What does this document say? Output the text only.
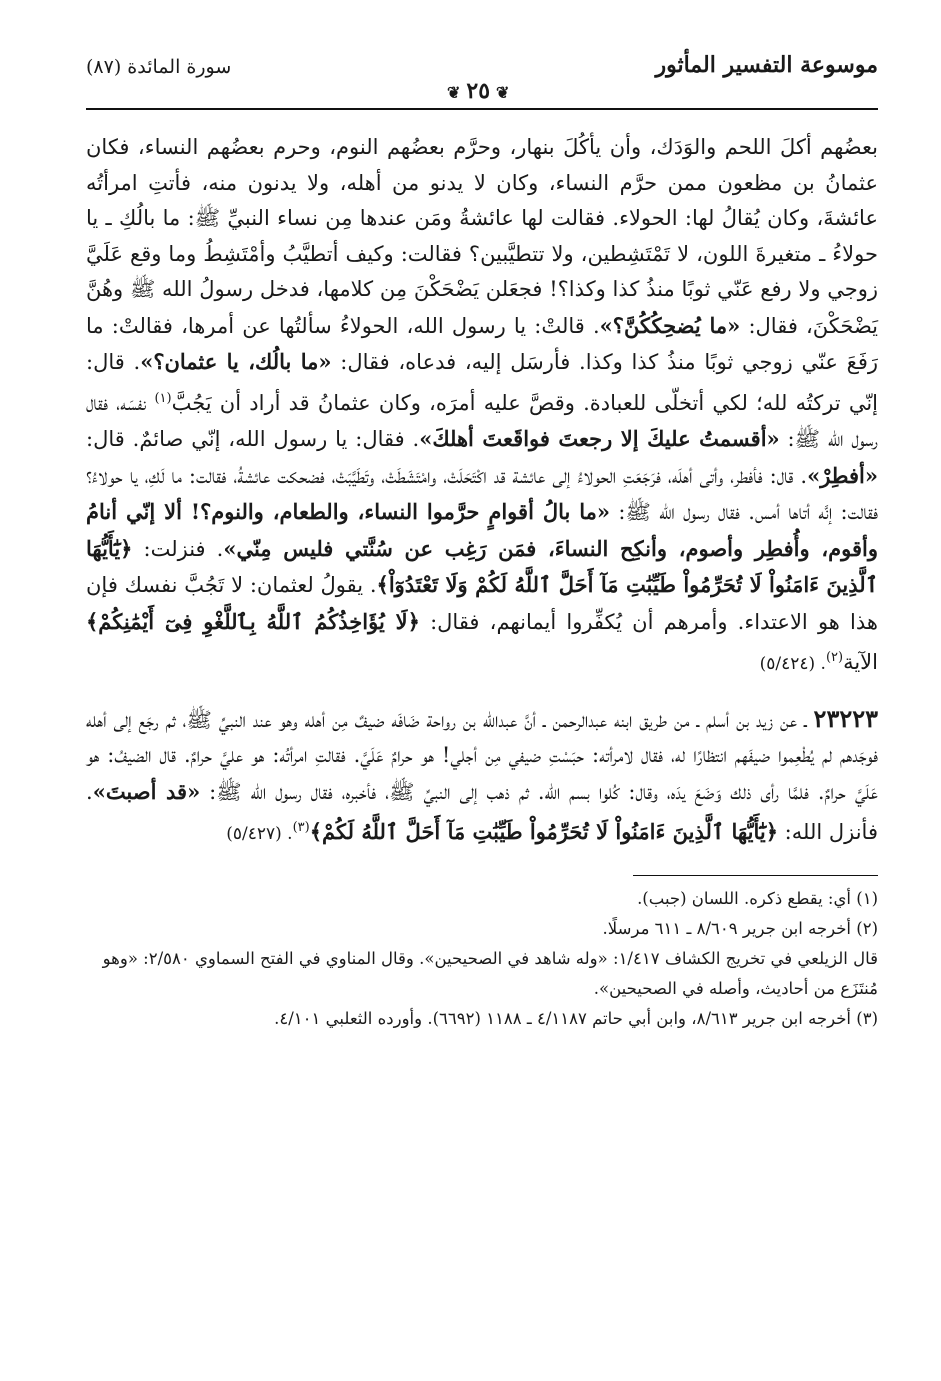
موسوعة التفسير المأثور
❦٢٥❦
سورة المائدة (٨٧)

بعضُهم أكلَ اللحم والوَدَك، وأن يأكُلَ بنهار، وحرَّم بعضُهم النوم، وحرم بعضُهم النساء، فكان عثمانُ بن مظعون ممن حرَّم النساء، وكان لا يدنو من أهله، ولا يدنون منه، فأتتِ امرأتُه عائشةَ، وكان يُقالُ لها: الحولاء. فقالت لها عائشةُ ومَن عندها مِن نساء النبيِّ ﷺ: ما بالُكِ ـ يا حولاءُ ـ متغيرةَ اللون، لا تَمْتَشِطين، ولا تتطيَّبين؟ فقالت: وكيف أتطيَّبُ وأمْتَشِطُ وما وقع عَلَيَّ زوجي ولا رفع عَنّي ثوبًا منذُ كذا وكذا؟! فجعَلن يَضْحَكْنَ مِن كلامها، فدخل رسولُ الله ﷺ وهُنَّ يَضْحَكْنَ، فقال: «ما يُضحِكُكُنَّ؟». قالتْ: يا رسول الله، الحولاءُ سألتُها عن أمرها، فقالتْ: ما رَفَعَ عنّي زوجي ثوبًا منذُ كذا وكذا. فأرسَل إليه، فدعاه، فقال: «ما بالُك، يا عثمان؟». قال: إنّي تركتُه لله؛ لكي أتخلّى للعبادة. وقصَّ عليه أمرَه، وكان عثمانُ قد أراد أن يَجُبَّ$^{(١)}$ نفسَه، فقال رسول الله ﷺ: «أقسمتُ عليكَ إلا رجعتَ فواقَعتَ أهلكَ». فقال: يا رسول الله، إنّي صائمٌ. قال: «أفطِرْ». قال: فأفطر، وأتى أهلَه، فرَجَعَتِ الحولاءُ إلى عائشة قد اكْتَحَلَتْ، وامْتَشَطَتْ، وتَطَيَّبَتْ، فضحكت عائشةُ، فقالت: ما لَكِ، يا حولاءُ؟ فقالت: إنَّه أتاها أمس. فقال رسول الله ﷺ: «ما بالُ أقوامٍ حرَّموا النساء، والطعام، والنوم؟! ألا إنّي أنامُ وأقوم، وأُفطِر وأصوم، وأنكِح النساءَ، فمَن رَغِب عن سُنَّتي فليس مِنّي». فنزلت: ﴿يَٰٓأَيُّهَا ٱلَّذِينَ ءَامَنُواْ لَا تُحَرِّمُواْ طَيِّبَٰتِ مَآ أَحَلَّ ٱللَّهُ لَكُمْ وَلَا تَعْتَدُوٓاْ﴾. يقولُ لعثمان: لا تَجُبَّ نفسك فإن هذا هو الاعتداء. وأمرهم أن يُكفِّروا أيمانهم، فقال: ﴿لَا يُؤَاخِذُكُمُ ٱللَّهُ بِٱللَّغْوِ فِىٓ أَيْمَٰنِكُمْ﴾ الآية$^{(٢)}$. (٥/٤٢٤)

٢٣٢٢٣ ـ عن زيد بن أسلم ـ من طريق ابنه عبدالرحمن ـ أنَّ عبدالله بن رواحة ضَافَه ضيفٌ مِن أهله وهو عند النبيِّ ﷺ، ثم رجَع إلى أهله فوجَدهم لم يُطْعِموا ضيفَهم انتظارًا له، فقال لامرأته: حبَسْتِ ضيفي مِن أجلي! هو حرامٌ عَلَيَّ. فقالتِ امرأتُه: هو عليَّ حرامٌ. قال الضيفُ: هو عَلَيَّ حرامٌ. فلمَّا رأى ذلك وَضَعَ يدَه، وقال: كُلوا بسم الله. ثم ذهب إلى النبيِّ ﷺ، فأخبره، فقال رسول الله ﷺ: «قد أصبتَ». فأنزل الله: ﴿يَٰٓأَيُّهَا ٱلَّذِينَ ءَامَنُواْ لَا تُحَرِّمُواْ طَيِّبَٰتِ مَآ أَحَلَّ ٱللَّهُ لَكُمْ﴾$^{(٣)}$. (٥/٤٢٧)

(١) أي: يقطع ذكره. اللسان (جبب).

(٢) أخرجه ابن جرير ٨/٦٠٩ ـ ٦١١ مرسلًا.

قال الزيلعي في تخريج الكشاف ١/٤١٧: «وله شاهد في الصحيحين». وقال المناوي في الفتح السماوي ٢/٥٨٠: «وهو مُنتَزَع من أحاديث، وأصله في الصحيحين».

(٣) أخرجه ابن جرير ٨/٦١٣، وابن أبي حاتم ٤/١١٨٧ ـ ١١٨٨ (٦٦٩٢). وأورده الثعلبي ٤/١٠١.
